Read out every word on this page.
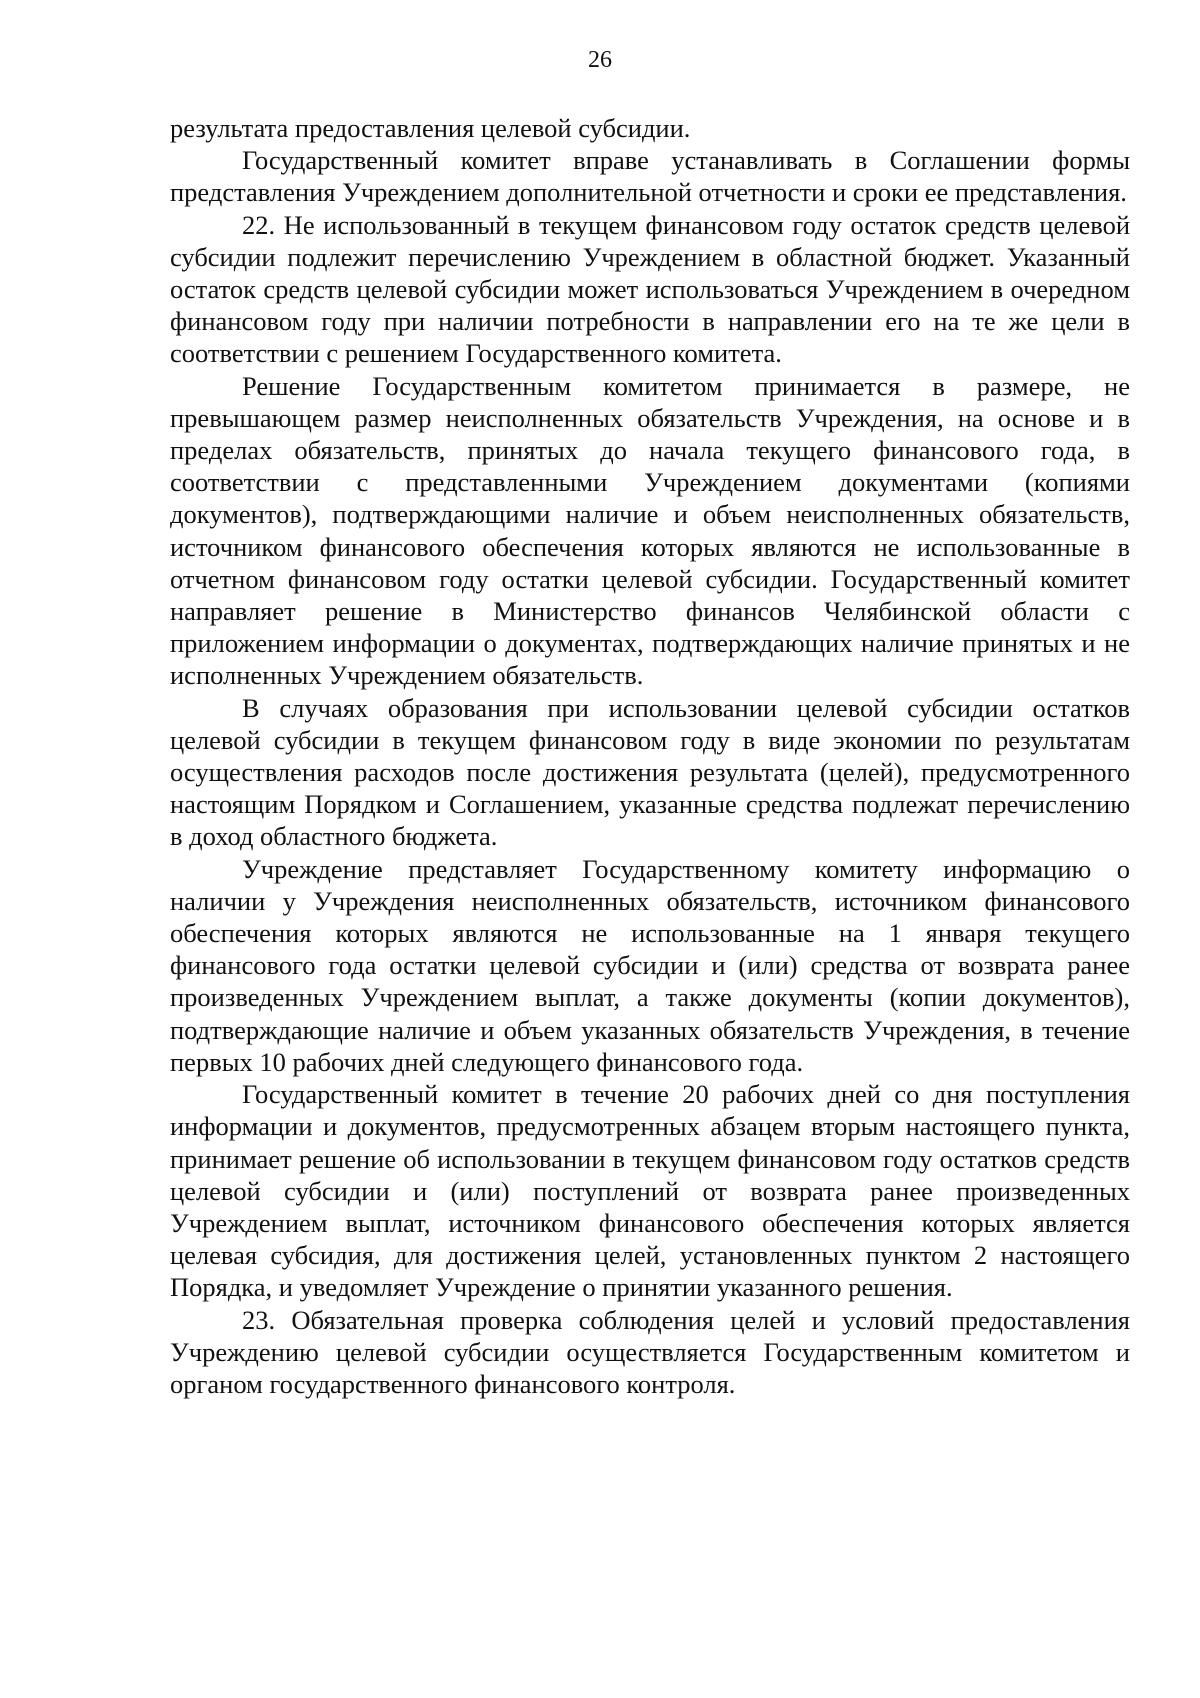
26

результата предоставления целевой субсидии.

Государственный комитет вправе устанавливать в Соглашении формы представления Учреждением дополнительной отчетности и сроки ее представления.

22. Не использованный в текущем финансовом году остаток средств целевой субсидии подлежит перечислению Учреждением в областной бюджет. Указанный остаток средств целевой субсидии может использоваться Учреждением в очередном финансовом году при наличии потребности в направлении его на те же цели в соответствии с решением Государственного комитета.

Решение Государственным комитетом принимается в размере, не превышающем размер неисполненных обязательств Учреждения, на основе и в пределах обязательств, принятых до начала текущего финансового года, в соответствии с представленными Учреждением документами (копиями документов), подтверждающими наличие и объем неисполненных обязательств, источником финансового обеспечения которых являются не использованные в отчетном финансовом году остатки целевой субсидии. Государственный комитет направляет решение в Министерство финансов Челябинской области с приложением информации о документах, подтверждающих наличие принятых и не исполненных Учреждением обязательств.

В случаях образования при использовании целевой субсидии остатков целевой субсидии в текущем финансовом году в виде экономии по результатам осуществления расходов после достижения результата (целей), предусмотренного настоящим Порядком и Соглашением, указанные средства подлежат перечислению в доход областного бюджета.

Учреждение представляет Государственному комитету информацию о наличии у Учреждения неисполненных обязательств, источником финансового обеспечения которых являются не использованные на 1 января текущего финансового года остатки целевой субсидии и (или) средства от возврата ранее произведенных Учреждением выплат, а также документы (копии документов), подтверждающие наличие и объем указанных обязательств Учреждения, в течение первых 10 рабочих дней следующего финансового года.

Государственный комитет в течение 20 рабочих дней со дня поступления информации и документов, предусмотренных абзацем вторым настоящего пункта, принимает решение об использовании в текущем финансовом году остатков средств целевой субсидии и (или) поступлений от возврата ранее произведенных Учреждением выплат, источником финансового обеспечения которых является целевая субсидия, для достижения целей, установленных пунктом 2 настоящего Порядка, и уведомляет Учреждение о принятии указанного решения.

23. Обязательная проверка соблюдения целей и условий предоставления Учреждению целевой субсидии осуществляется Государственным комитетом и органом государственного финансового контроля.
